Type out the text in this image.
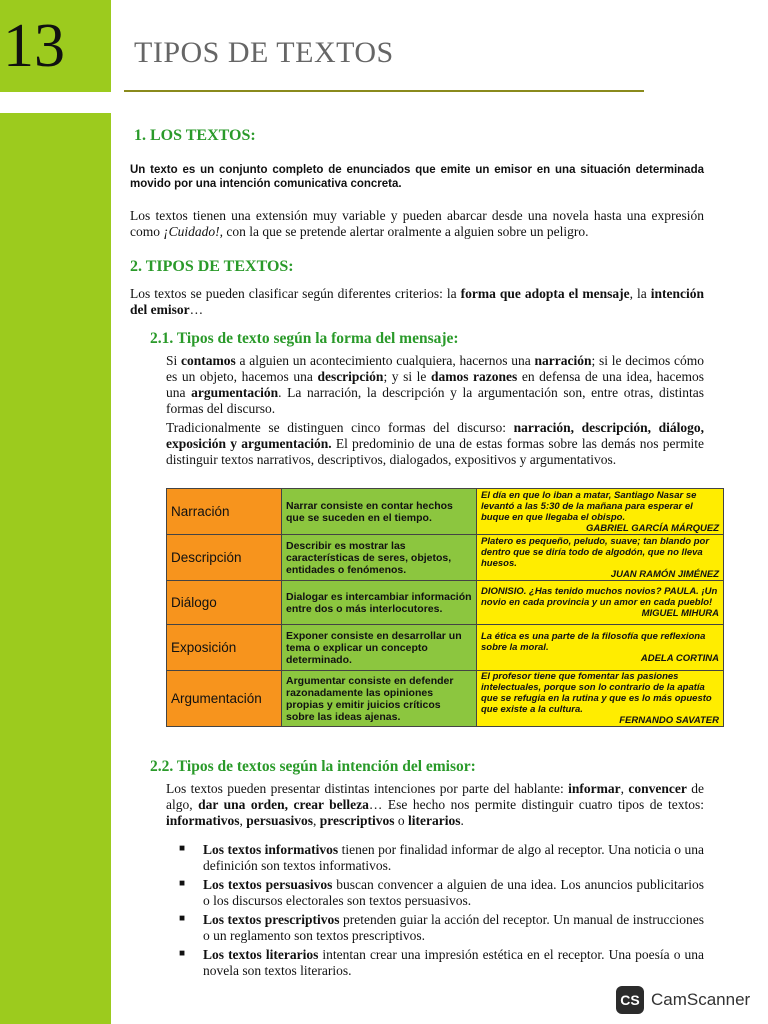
13 TIPOS DE TEXTOS
1. LOS TEXTOS:
Un texto es un conjunto completo de enunciados que emite un emisor en una situación determinada movido por una intención comunicativa concreta.
Los textos tienen una extensión muy variable y pueden abarcar desde una novela hasta una expresión como ¡Cuidado!, con la que se pretende alertar oralmente a alguien sobre un peligro.
2. TIPOS DE TEXTOS:
Los textos se pueden clasificar según diferentes criterios: la forma que adopta el mensaje, la intención del emisor…
2.1. Tipos de texto según la forma del mensaje:
Si contamos a alguien un acontecimiento cualquiera, hacernos una narración; si le decimos cómo es un objeto, hacemos una descripción; y si le damos razones en defensa de una idea, hacemos una argumentación. La narración, la descripción y la argumentación son, entre otras, distintas formas del discurso.
Tradicionalmente se distinguen cinco formas del discurso: narración, descripción, diálogo, exposición y argumentación. El predominio de una de estas formas sobre las demás nos permite distinguir textos narrativos, descriptivos, dialogados, expositivos y argumentativos.
Narración	Narrar consiste en contar hechos que se suceden en el tiempo.	El día en que lo iban a matar, Santiago Nasar se levantó a las 5:30 de la mañana para esperar el buque en que llegaba el obispo.
GABRIEL GARCÍA MÁRQUEZ

Descripción	Describir es mostrar las características de seres, objetos, entidades o fenómenos.	Platero es pequeño, peludo, suave; tan blando por dentro que se diría todo de algodón, que no lleva huesos.
JUAN RAMÓN JIMÉNEZ

Diálogo	Dialogar es intercambiar información entre dos o más interlocutores.	DIONISIO. ¿Has tenido muchos novios? PAULA. ¡Un novio en cada provincia y un amor en cada pueblo!
MIGUEL MIHURA

Exposición	Exponer consiste en desarrollar un tema o explicar un concepto determinado.	La ética es una parte de la filosofía que reflexiona sobre la moral.
ADELA CORTINA

Argumentación	Argumentar consiste en defender razonadamente las opiniones propias y emitir juicios críticos sobre las ideas ajenas.	El profesor tiene que fomentar las pasiones intelectuales, porque son lo contrario de la apatía que se refugia en la rutina y que es lo más opuesto que existe a la cultura.
FERNANDO SAVATER
2.2. Tipos de textos según la intención del emisor:
Los textos pueden presentar distintas intenciones por parte del hablante: informar, convencer de algo, dar una orden, crear belleza… Ese hecho nos permite distinguir cuatro tipos de textos: informativos, persuasivos, prescriptivos o literarios.
■ Los textos informativos tienen por finalidad informar de algo al receptor. Una noticia o una definición son textos informativos.
■ Los textos persuasivos buscan convencer a alguien de una idea. Los anuncios publicitarios o los discursos electorales son textos persuasivos.
■ Los textos prescriptivos pretenden guiar la acción del receptor. Un manual de instrucciones o un reglamento son textos prescriptivos.
■ Los textos literarios intentan crear una impresión estética en el receptor. Una poesía o una novela son textos literarios.
CS CamScanner
